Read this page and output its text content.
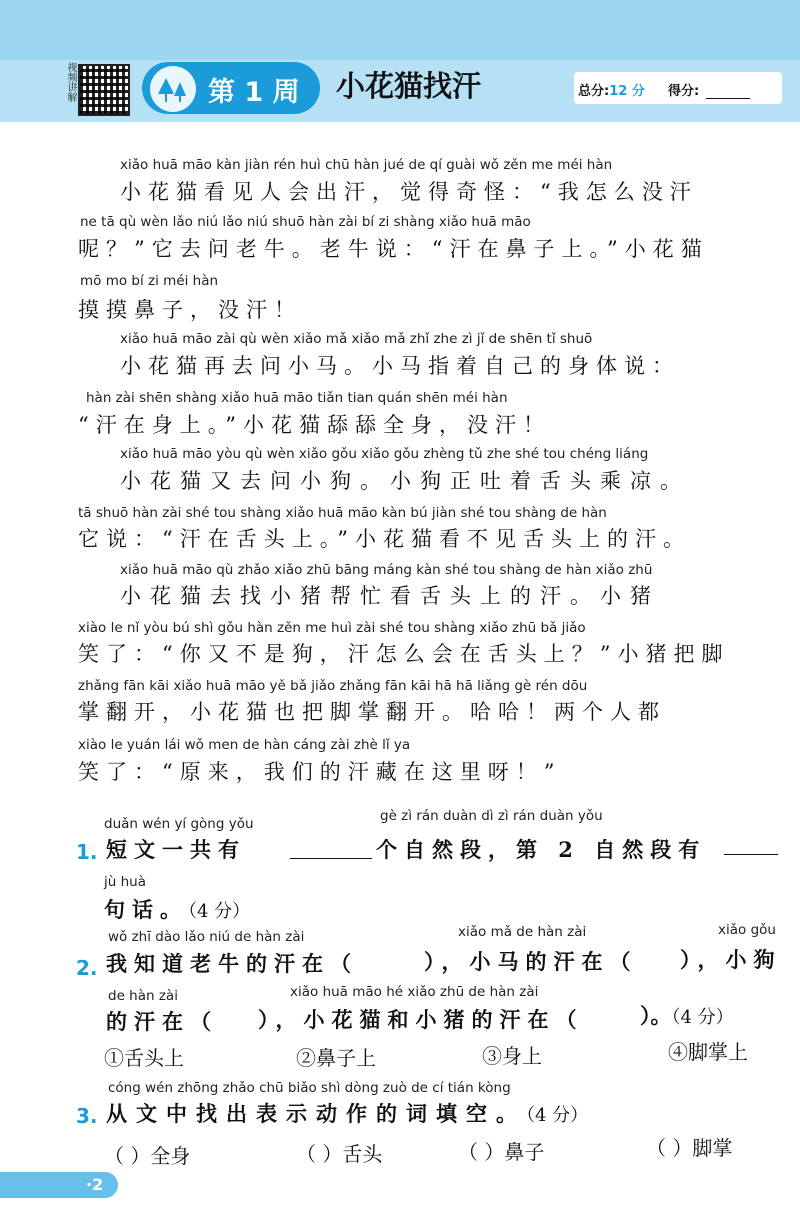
视频讲解	第 1 周 小花猫找汗	总分:12 分 得分:
xiǎo huā māo kàn jiàn rén huì chū hàn jué de qí guài wǒ zěn me méi hàn
小花猫看见人会出汗，觉得奇怪：“我怎么没汗
ne tā qù wèn lǎo niú lǎo niú shuō hàn zài bí zi shàng xiǎo huā māo
呢？”它去问老牛。老牛说：“汗在鼻子上。”小花猫
mō mo bí zi méi hàn
摸摸鼻子，没汗！
xiǎo huā māo zài qù wèn xiǎo mǎ xiǎo mǎ zhǐ zhe zì jǐ de shēn tǐ shuō
小花猫再去问小马。小马指着自己的身体说：
hàn zài shēn shàng xiǎo huā māo tiǎn tian quán shēn méi hàn
“汗在身上。”小花猫舔舔全身，没汗！
xiǎo huā māo yòu qù wèn xiǎo gǒu xiǎo gǒu zhèng tǔ zhe shé tou chéng liáng
小花猫又去问小狗。小狗正吐着舌头乘凉。
tā shuō hàn zài shé tou shàng xiǎo huā māo kàn bú jiàn shé tou shàng de hàn
它说：“汗在舌头上。”小花猫看不见舌头上的汗。
xiǎo huā māo qù zhǎo xiǎo zhū bāng máng kàn shé tou shàng de hàn xiǎo zhū
小花猫去找小猪帮忙看舌头上的汗。小猪
xiào le nǐ yòu bú shì gǒu hàn zěn me huì zài shé tou shàng xiǎo zhū bǎ jiǎo
笑了：“你又不是狗，汗怎么会在舌头上？”小猪把脚
zhǎng fān kāi xiǎo huā māo yě bǎ jiǎo zhǎng fān kāi hā hā liǎng gè rén dōu
掌翻开，小花猫也把脚掌翻开。哈哈！两个人都
xiào le yuán lái wǒ men de hàn cáng zài zhè lǐ ya
笑了：“原来，我们的汗藏在这里呀！”
duǎn wén yí gòng yǒu	gè zì rán duàn dì zì rán duàn yǒu
1. 短文一共有	个自然段，第 2 自然段有
jù huà
句话。（4 分）
wǒ zhī dào lǎo niú de hàn zài	xiǎo mǎ de hàn zài	xiǎo gǒu
2. 我知道老牛的汗在（	），小马的汗在（ ），小狗
de hàn zài	xiǎo huā māo hé xiǎo zhū de hàn zài
的汗在（ ），小花猫和小猪的汗在（	）。（4 分）
①舌头上	②鼻子上	③身上	④脚掌上
cóng wén zhōng zhǎo chū biǎo shì dòng zuò de cí tián kòng
3. 从文中找出表示动作的词填空。（4 分）
（ ）全身	（ ）舌头	（ ）鼻子	（ ）脚掌
·2
